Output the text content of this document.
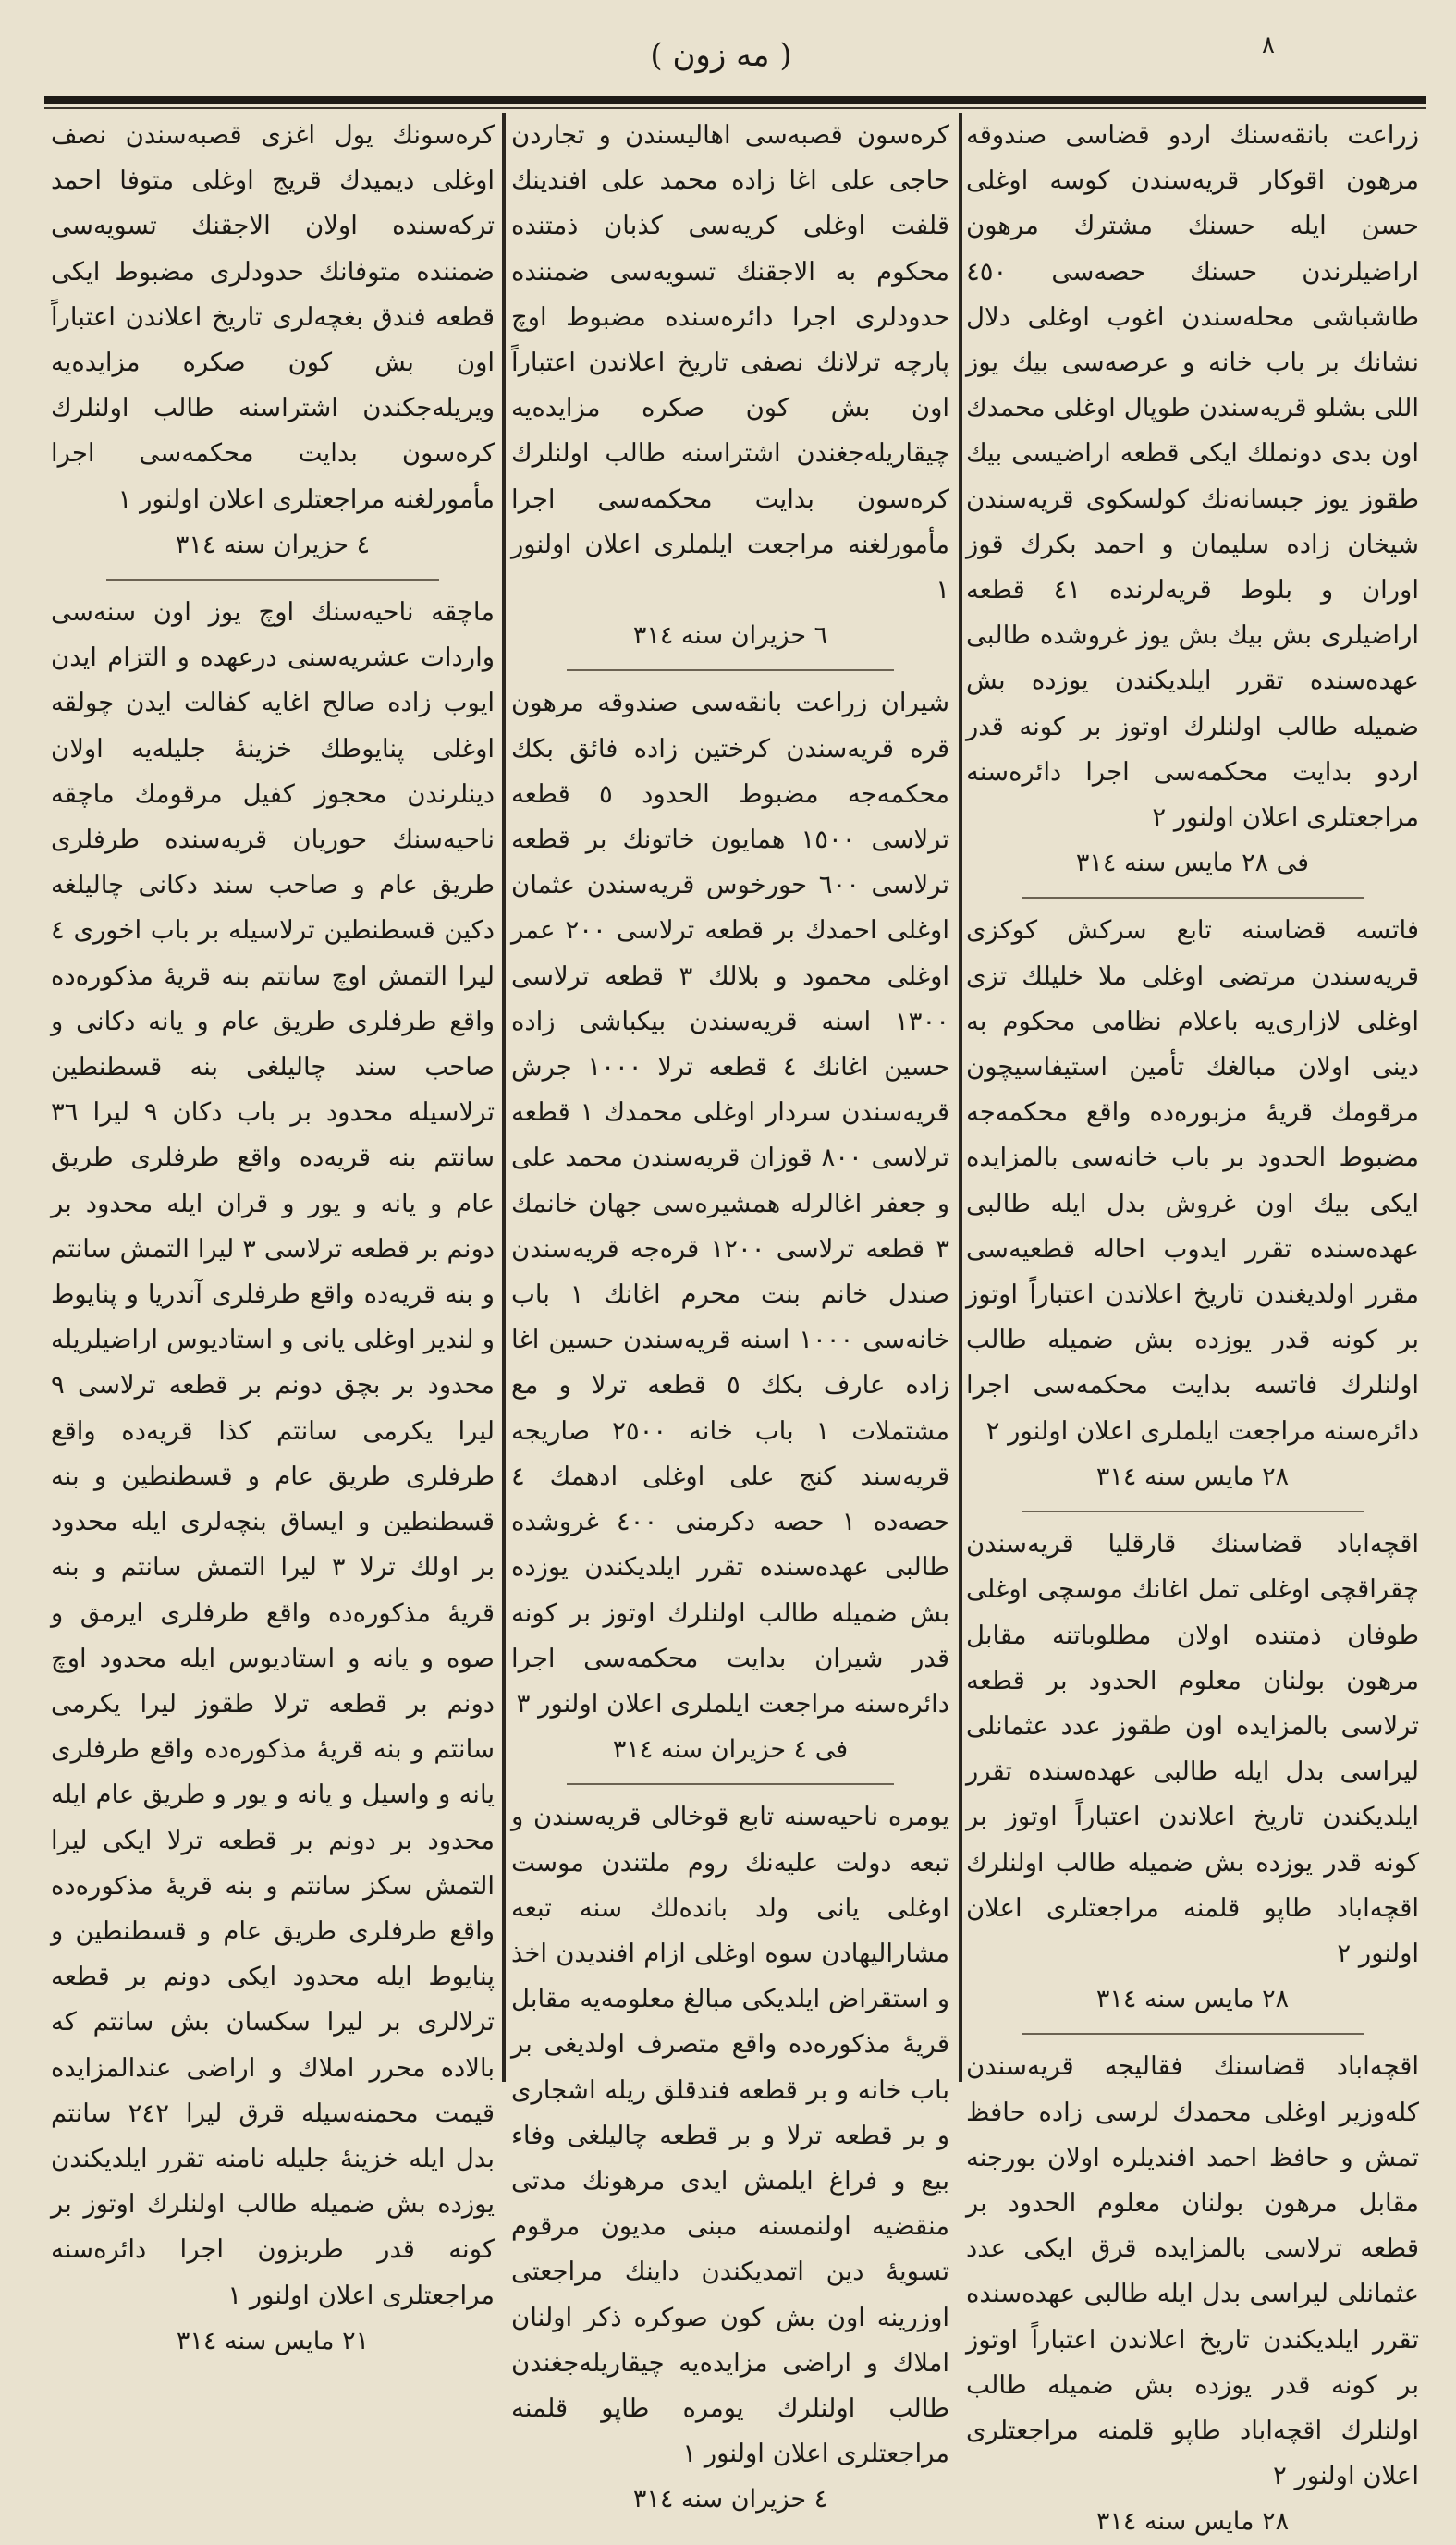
( مه زون )	٨

زراعت بانقه‌سنك اردو قضاسی صندوقه مرهون اقوكار قریه‌سندن كوسه اوغلی حسن ایله حسنك مشترك مرهون اراضیلرندن حسنك حصه‌سی ٤٥٠ طاشباشی محله‌سندن اغوب اوغلی دلال نشانك بر باب خانه و عرصه‌سی بیك یوز اللی بشلو قریه‌سندن طوپال اوغلی محمدك اون بدی دونملك ایكی قطعه اراضیسی بیك طقوز یوز جبسانه‌نك كولسكوی قریه‌سندن شیخان زاده سلیمان و احمد بكرك قوز اوران و بلوط قریه‌لرنده ٤١ قطعه اراضیلری بش بیك بش یوز غروشده طالبی عهده‌سنده تقرر ایلدیكندن یوزده بش ضمیله طالب اولنلرك اوتوز بر كونه قدر اردو بدایت محكمه‌سی اجرا دائره‌سنه مراجعتلری اعلان اولنور ٢

فی ٢٨ مایس سنه ٣١٤

فاتسه قضاسنه تابع سركش كوكزی قریه‌سندن مرتضی اوغلی ملا خلیلك تزی اوغلی لازاری‌یه باعلام نظامی محكوم به دینی اولان مبالغك تأمین استیفاسیچون مرقومك قریهٔ مزبوره‌ده واقع محكمه‌جه مضبوط الحدود بر باب خانه‌سی بالمزایده ایكی بیك اون غروش بدل ایله طالبی عهده‌سنده تقرر ایدوب احاله قطعیه‌سی مقرر اولدیغندن تاریخ اعلاندن اعتباراً اوتوز بر كونه قدر یوزده بش ضمیله طالب اولنلرك فاتسه بدایت محكمه‌سی اجرا دائره‌سنه مراجعت ایلملری اعلان اولنور ٢

٢٨ مایس سنه ٣١٤

اقچه‌اباد قضاسنك قارقلیا قریه‌سندن چقراقچی اوغلی تمل اغانك موسچی اوغلی طوفان ذمتنده اولان مطلوباتنه مقابل مرهون بولنان معلوم الحدود بر قطعه ترلاسی بالمزایده اون طقوز عدد عثمانلی لیراسی بدل ایله طالبی عهده‌سنده تقرر ایلدیكندن تاریخ اعلاندن اعتباراً اوتوز بر كونه قدر یوزده بش ضمیله طالب اولنلرك اقچه‌اباد طاپو قلمنه مراجعتلری اعلان اولنور ٢

٢٨ مایس سنه ٣١٤

اقچه‌اباد قضاسنك فقالیجه قریه‌سندن كلەوزیر اوغلی محمدك لرسی زاده حافظ تمش و حافظ احمد افندیلره اولان بورجنه مقابل مرهون بولنان معلوم الحدود بر قطعه ترلاسی بالمزایده قرق ایكی عدد عثمانلی لیراسی بدل ایله طالبی عهده‌سنده تقرر ایلدیكندن تاریخ اعلاندن اعتباراً اوتوز بر كونه قدر یوزده بش ضمیله طالب اولنلرك اقچه‌اباد طاپو قلمنه مراجعتلری اعلان اولنور ٢

٢٨ مایس سنه ٣١٤

كره‌سون قصبه‌سی اهالیسندن و تجاردن حاجی علی اغا زاده محمد علی افندینك قلفت اوغلی كریه‌سی كذبان ذمتنده محكوم به الاجقنك تسویه‌سی ضمننده حدودلری اجرا دائره‌سنده مضبوط اوچ پارچه ترلانك نصفی تاریخ اعلاندن اعتباراً اون بش كون صكره مزایده‌یه چیقاریله‌جغندن اشتراسنه طالب اولنلرك كره‌سون بدایت محكمه‌سی اجرا مأمورلغنه مراجعت ایلملری اعلان اولنور ١

٦ حزیران سنه ٣١٤

شیران زراعت بانقه‌سی صندوقه مرهون قره قریه‌سندن كرختین زاده فائق بكك محكمه‌جه مضبوط الحدود ٥ قطعه ترلاسی ١٥٠٠ همایون خاتونك بر قطعه ترلاسی ٦٠٠ حورخوس قریه‌سندن عثمان اوغلی احمدك بر قطعه ترلاسی ٢٠٠ عمر اوغلی محمود و بلالك ٣ قطعه ترلاسی ١٣٠٠ اسنه قریه‌سندن بیكباشی زاده حسین اغانك ٤ قطعه ترلا ١٠٠٠ جرش قریه‌سندن سردار اوغلی محمدك ١ قطعه ترلاسی ٨٠٠ قوزان قریه‌سندن محمد علی و جعفر اغالرله همشیره‌سی جهان خانمك ٣ قطعه ترلاسی ١٢٠٠ قره‌جه قریه‌سندن صندل خانم بنت محرم اغانك ١ باب خانه‌سی ١٠٠٠ اسنه قریه‌سندن حسین اغا زاده عارف بكك ٥ قطعه ترلا و مع مشتملات ١ باب خانه ٢٥٠٠ صاریجه قریه‌سند كنج علی اوغلی ادهمك ٤ حصه‌ده ١ حصه دكرمنی ٤٠٠ غروشده طالبی عهده‌سنده تقرر ایلدیكندن یوزده بش ضمیله طالب اولنلرك اوتوز بر كونه قدر شیران بدایت محكمه‌سی اجرا دائره‌سنه مراجعت ایلملری اعلان اولنور ٣

فی ٤ حزیران سنه ٣١٤

یومره ناحیه‌سنه تابع قوخالی قریه‌سندن و تبعه دولت علیه‌نك روم ملتندن موست اوغلی یانی ولد باندەلك سنه تبعه مشارالیهادن سوه اوغلی ازام افندیدن اخذ و استقراض ایلدیكی مبالغ معلومه‌یه مقابل قریهٔ مذكوره‌ده واقع متصرف اولدیغی بر باب خانه و بر قطعه فندقلق ریله اشجاری و بر قطعه ترلا و بر قطعه چالیلغی وفاء بیع و فراغ ایلمش ایدی مرهونك مدتی منقضیه اولنمسنه مبنی مدیون مرقوم تسویهٔ دین اتمدیكندن داینك مراجعتی اوزرینه اون بش كون صوكره ذكر اولنان املاك و اراضی مزایده‌یه چیقاریله‌جغندن طالب اولنلرك یومره طاپو قلمنه مراجعتلری اعلان اولنور ١

٤ حزیران سنه ٣١٤

كره‌سونك یول اغزی قصبه‌سندن نصف اوغلی دیمیدك قریج اوغلی متوفا احمد تركه‌سنده اولان الاجقنك تسویه‌سی ضمننده متوفانك حدودلری مضبوط ایكی قطعه فندق بغچه‌لری تاریخ اعلاندن اعتباراً اون بش كون صكره مزایده‌یه ویریله‌جكندن اشتراسنه طالب اولنلرك كره‌سون بدایت محكمه‌سی اجرا مأمورلغنه مراجعتلری اعلان اولنور ١

٤ حزیران سنه ٣١٤

ماچقه ناحیه‌سنك اوچ یوز اون سنه‌سی واردات عشریه‌سنی درعهده و التزام ایدن ایوب زاده صالح اغایه كفالت ایدن چولقه اوغلی پنایوطك خزینهٔ جلیله‌یه اولان دینلرندن محجوز كفیل مرقومك ماچقه ناحیه‌سنك حوریان قریه‌سنده طرفلری طریق عام و صاحب سند دكانی چالیلغه دكین قسطنطین ترلاسیله بر باب اخوری ٤ لیرا التمش اوچ سانتم بنه قریهٔ مذكوره‌ده واقع طرفلری طریق عام و یانه دكانی و صاحب سند چالیلغی بنه قسطنطین ترلاسیله محدود بر باب دكان ٩ لیرا ٣٦ سانتم بنه قریه‌ده واقع طرفلری طریق عام و یانه و یور و قران ایله محدود بر دونم بر قطعه ترلاسی ٣ لیرا التمش سانتم و بنه قریه‌ده واقع طرفلری آندریا و پنایوط و لندیر اوغلی یانی و استادیوس اراضیلریله محدود بر بچق دونم بر قطعه ترلاسی ٩ لیرا یكرمی سانتم كذا قریه‌ده واقع طرفلری طریق عام و قسطنطین و بنه قسطنطین و ایساق بنچه‌لری ایله محدود بر اولك ترلا ٣ لیرا التمش سانتم و بنه قریهٔ مذكوره‌ده واقع طرفلری ایرمق و صوه و یانه و استادیوس ایله محدود اوچ دونم بر قطعه ترلا طقوز لیرا یكرمی سانتم و بنه قریهٔ مذكوره‌ده واقع طرفلری یانه و واسیل و یانه و یور و طریق عام ایله محدود بر دونم بر قطعه ترلا ایكی لیرا التمش سكز سانتم و بنه قریهٔ مذكوره‌ده واقع طرفلری طریق عام و قسطنطین و پنایوط ایله محدود ایكی دونم بر قطعه ترلالری بر لیرا سكسان بش سانتم كه بالاده محرر املاك و اراضی عندالمزایده قیمت محمنه‌سیله قرق لیرا ٢٤٢ سانتم بدل ایله خزینهٔ جلیله نامنه تقرر ایلدیكندن یوزده بش ضمیله طالب اولنلرك اوتوز بر كونه قدر طربزون اجرا دائره‌سنه مراجعتلری اعلان اولنور ١

٢١ مایس سنه ٣١٤
